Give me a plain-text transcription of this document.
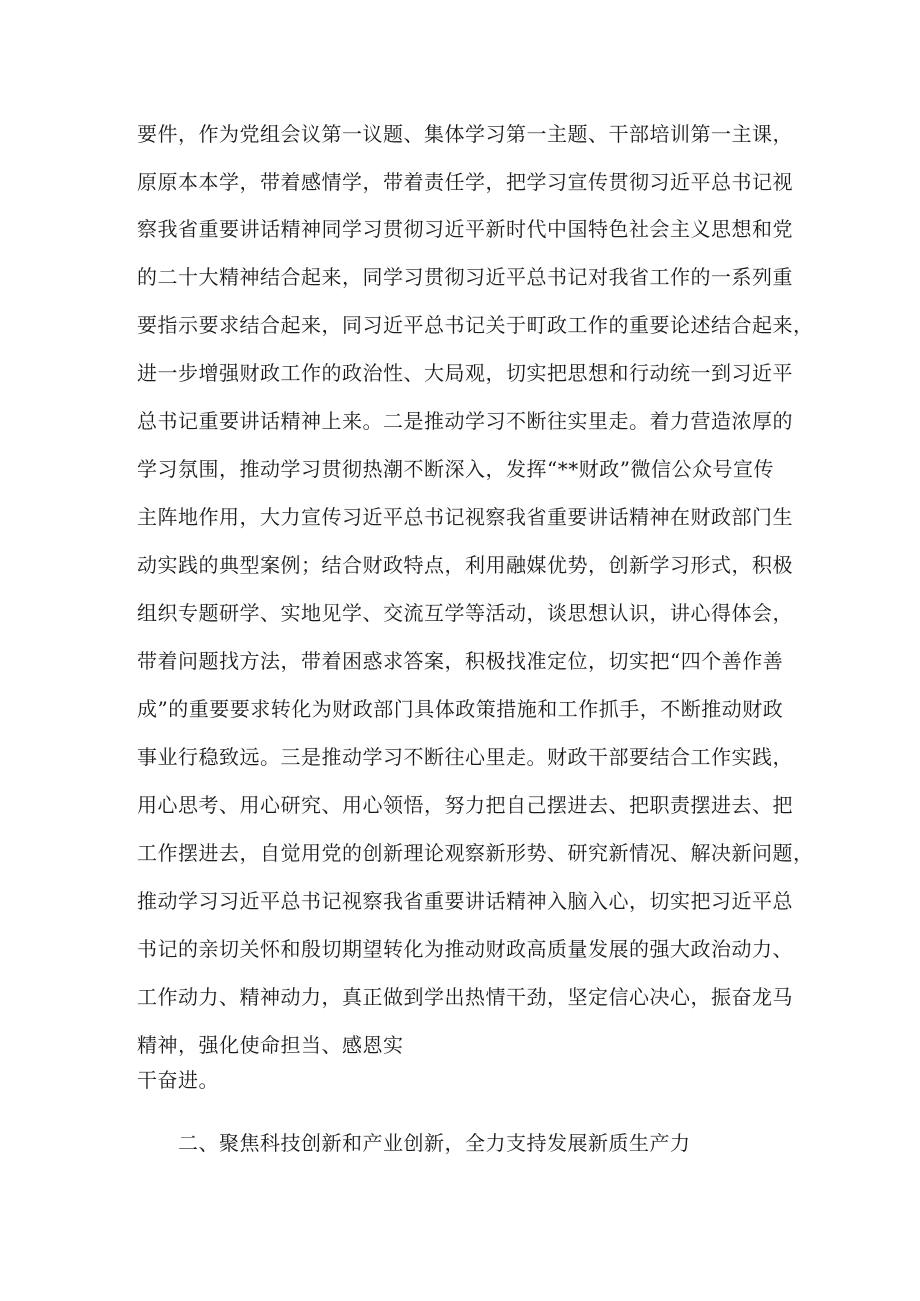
要件，作为党组会议第一议题、集体学习第一主题、干部培训第一主课，
原原本本学，带着感情学，带着责任学，把学习宣传贯彻习近平总书记视
察我省重要讲话精神同学习贯彻习近平新时代中国特色社会主义思想和党
的二十大精神结合起来，同学习贯彻习近平总书记对我省工作的一系列重
要指示要求结合起来，同习近平总书记关于町政工作的重要论述结合起来，
进一步增强财政工作的政治性、大局观，切实把思想和行动统一到习近平
总书记重要讲话精神上来。二是推动学习不断往实里走。着力营造浓厚的
学习氛围，推动学习贯彻热潮不断深入，发挥“**财政”微信公众号宣传
主阵地作用，大力宣传习近平总书记视察我省重要讲话精神在财政部门生
动实践的典型案例；结合财政特点，利用融媒优势，创新学习形式，积极
组织专题研学、实地见学、交流互学等活动，谈思想认识，讲心得体会，
带着问题找方法，带着困惑求答案，积极找准定位，切实把“四个善作善
成”的重要要求转化为财政部门具体政策措施和工作抓手，不断推动财政
事业行稳致远。三是推动学习不断往心里走。财政干部要结合工作实践，
用心思考、用心研究、用心领悟，努力把自己摆进去、把职责摆进去、把
工作摆进去，自觉用党的创新理论观察新形势、研究新情况、解决新问题，
推动学习习近平总书记视察我省重要讲话精神入脑入心，切实把习近平总
书记的亲切关怀和殷切期望转化为推动财政高质量发展的强大政治动力、
工作动力、精神动力，真正做到学出热情干劲，坚定信心决心，振奋龙马
精神，强化使命担当、感恩实
干奋进。
二、聚焦科技创新和产业创新，全力支持发展新质生产力
